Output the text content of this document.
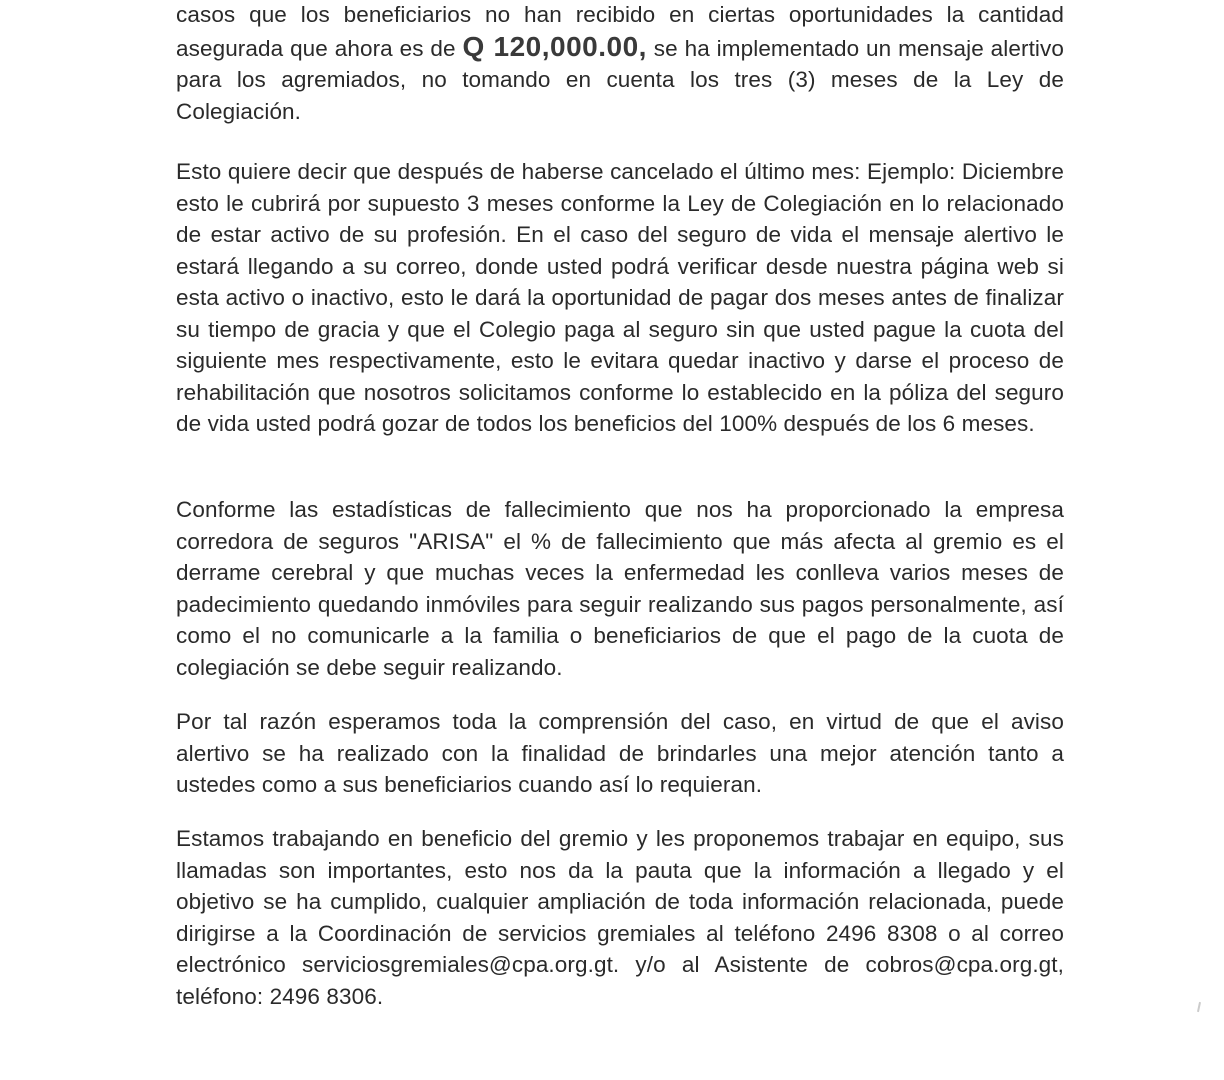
casos que los beneficiarios no han recibido en ciertas oportunidades la cantidad asegurada que ahora es de Q 120,000.00, se ha implementado un mensaje alertivo para los agremiados, no tomando en cuenta los tres (3) meses de la Ley de Colegiación.

Esto quiere decir que después de haberse cancelado el último mes: Ejemplo: Diciembre esto le cubrirá por supuesto 3 meses conforme la Ley de Colegiación en lo relacionado de estar activo de su profesión. En el caso del seguro de vida el mensaje alertivo le estará llegando a su correo, donde usted podrá verificar desde nuestra página web si esta activo o inactivo, esto le dará la oportunidad de pagar dos meses antes de finalizar su tiempo de gracia y que el Colegio paga al seguro sin que usted pague la cuota del siguiente mes respectivamente, esto le evitara quedar inactivo y darse el proceso de rehabilitación que nosotros solicitamos conforme lo establecido en la póliza del seguro de vida usted podrá gozar de todos los beneficios del 100% después de los 6 meses.

Conforme las estadísticas de fallecimiento que nos ha proporcionado la empresa corredora de seguros "ARISA" el % de fallecimiento que más afecta al gremio es el derrame cerebral y que muchas veces la enfermedad les conlleva varios meses de padecimiento quedando inmóviles para seguir realizando sus pagos personalmente, así como el no comunicarle a la familia o beneficiarios de que el pago de la cuota de colegiación se debe seguir realizando.

Por tal razón esperamos toda la comprensión del caso, en virtud de que el aviso alertivo se ha realizado con la finalidad de brindarles una mejor atención tanto a ustedes como a sus beneficiarios cuando así lo requieran.

Estamos trabajando en beneficio del gremio y les proponemos trabajar en equipo, sus llamadas son importantes, esto nos da la pauta que la información a llegado y el objetivo se ha cumplido, cualquier ampliación de toda información relacionada, puede dirigirse a la Coordinación de servicios gremiales al teléfono 2496 8308 o al correo electrónico serviciosgremiales@cpa.org.gt. y/o al Asistente de cobros@cpa.org.gt, teléfono: 2496 8306.
